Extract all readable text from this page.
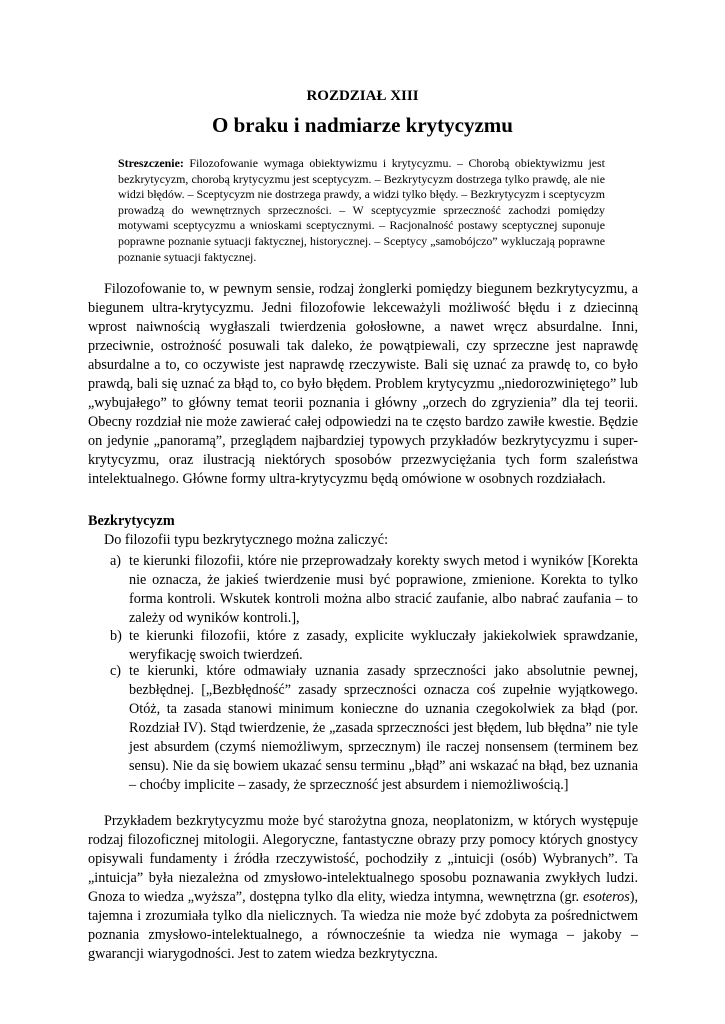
ROZDZIAŁ XIII
O braku i nadmiarze krytycyzmu

Streszczenie: Filozofowanie wymaga obiektywizmu i krytycyzmu. – Chorobą obiektywizmu jest bezkrytycyzm, chorobą krytycyzmu jest sceptycyzm. – Bezkrytycyzm dostrzega tylko prawdę, ale nie widzi błędów. – Sceptycyzm nie dostrzega prawdy, a widzi tylko błędy. – Bezkrytycyzm i sceptycyzm prowadzą do wewnętrznych sprzeczności. – W sceptycyzmie sprzeczność zachodzi pomiędzy motywami sceptycyzmu a wnioskami sceptycznymi. – Racjonalność postawy sceptycznej suponuje poprawne poznanie sytuacji faktycznej, historycznej. – Sceptycy „samobójczo” wykluczają poprawne poznanie sytuacji faktycznej.

Filozofowanie to, w pewnym sensie, rodzaj żonglerki pomiędzy biegunem bezkrytycyzmu, a biegunem ultra-krytycyzmu. Jedni filozofowie lekceważyli możliwość błędu i z dziecinną wprost naiwnością wygłaszali twierdzenia gołosłowne, a nawet wręcz absurdalne. Inni, przeciwnie, ostrożność posuwali tak daleko, że powątpiewali, czy sprzeczne jest naprawdę absurdalne a to, co oczywiste jest naprawdę rzeczywiste. Bali się uznać za prawdę to, co było prawdą, bali się uznać za błąd to, co było błędem. Problem krytycyzmu „niedorozwiniętego” lub „wybujałego” to główny temat teorii poznania i główny „orzech do zgryzienia” dla tej teorii. Obecny rozdział nie może zawierać całej odpowiedzi na te często bardzo zawiłe kwestie. Będzie on jedynie „panoramą”, przeglądem najbardziej typowych przykładów bezkrytycyzmu i super-krytycyzmu, oraz ilustracją niektórych sposobów przezwyciężania tych form szaleństwa intelektualnego. Główne formy ultra-krytycyzmu będą omówione w osobnych rozdziałach.

Bezkrytycyzm

Do filozofii typu bezkrytycznego można zaliczyć:

a) te kierunki filozofii, które nie przeprowadzały korekty swych metod i wyników [Korekta nie oznacza, że jakieś twierdzenie musi być poprawione, zmienione. Korekta to tylko forma kontroli. Wskutek kontroli można albo stracić zaufanie, albo nabrać zaufania – to zależy od wyników kontroli.],
b) te kierunki filozofii, które z zasady, explicite wykluczały jakiekolwiek sprawdzanie, weryfikację swoich twierdzeń.
c) te kierunki, które odmawiały uznania zasady sprzeczności jako absolutnie pewnej, bezbłędnej. [„Bezbłędność” zasady sprzeczności oznacza coś zupełnie wyjątkowego. Otóż, ta zasada stanowi minimum konieczne do uznania czegokolwiek za błąd (por. Rozdział IV). Stąd twierdzenie, że „zasada sprzeczności jest błędem, lub błędna” nie tyle jest absurdem (czymś niemożliwym, sprzecznym) ile raczej nonsensem (terminem bez sensu). Nie da się bowiem ukazać sensu terminu „błąd” ani wskazać na błąd, bez uznania – choćby implicite – zasady, że sprzeczność jest absurdem i niemożliwością.]

Przykładem bezkrytycyzmu może być starożytna gnoza, neoplatonizm, w których występuje rodzaj filozoficznej mitologii. Alegoryczne, fantastyczne obrazy przy pomocy których gnostycy opisywali fundamenty i źródła rzeczywistość, pochodziły z „intuicji (osób) Wybranych”. Ta „intuicja” była niezależna od zmysłowo-intelektualnego sposobu poznawania zwykłych ludzi. Gnoza to wiedza „wyższa”, dostępna tylko dla elity, wiedza intymna, wewnętrzna (gr. esoteros), tajemna i zrozumiała tylko dla nielicznych. Ta wiedza nie może być zdobyta za pośrednictwem poznania zmysłowo-intelektualnego, a równocześnie ta wiedza nie wymaga – jakoby – gwarancji wiarygodności. Jest to zatem wiedza bezkrytyczna.
